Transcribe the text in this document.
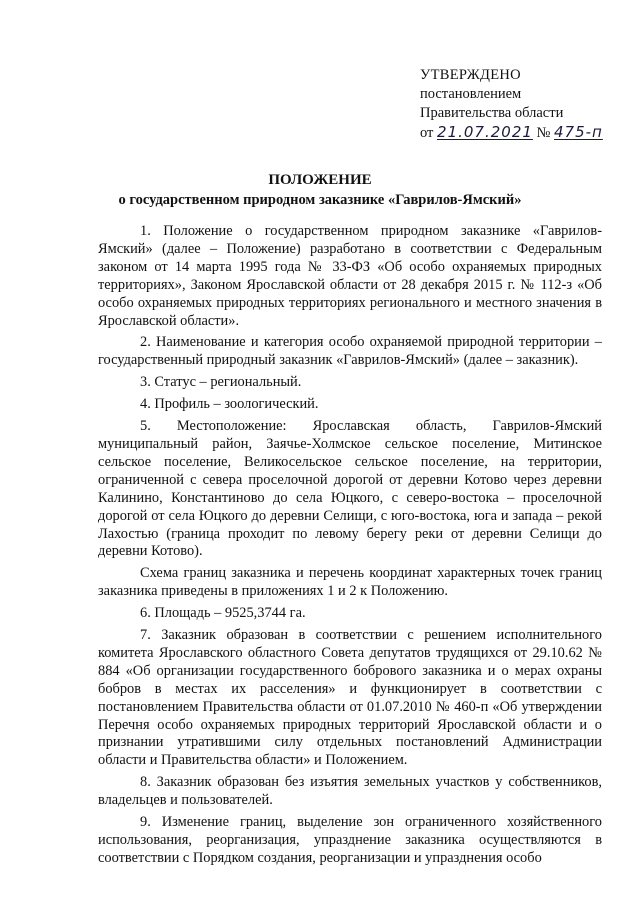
УТВЕРЖДЕНО
постановлением
Правительства области
от 21.07.2021 № 475-п
ПОЛОЖЕНИЕ
о государственном природном заказнике «Гаврилов-Ямский»

1. Положение о государственном природном заказнике «Гаврилов-Ямский» (далее – Положение) разработано в соответствии с Федеральным законом от 14 марта 1995 года № 33-ФЗ «Об особо охраняемых природных территориях», Законом Ярославской области от 28 декабря 2015 г. № 112-з «Об особо охраняемых природных территориях регионального и местного значения в Ярославской области».

2. Наименование и категория особо охраняемой природной территории – государственный природный заказник «Гаврилов-Ямский» (далее – заказник).

3. Статус – региональный.

4. Профиль – зоологический.

5. Местоположение: Ярославская область, Гаврилов-Ямский муниципальный район, Заячье-Холмское сельское поселение, Митинское сельское поселение, Великосельское сельское поселение, на территории, ограниченной с севера проселочной дорогой от деревни Котово через деревни Калинино, Константиново до села Юцкого, с северо-востока – проселочной дорогой от села Юцкого до деревни Селищи, с юго-востока, юга и запада – рекой Лахостью (граница проходит по левому берегу реки от деревни Селищи до деревни Котово).

Схема границ заказника и перечень координат характерных точек границ заказника приведены в приложениях 1 и 2 к Положению.

6. Площадь – 9525,3744 га.

7. Заказник образован в соответствии с решением исполнительного комитета Ярославского областного Совета депутатов трудящихся от 29.10.62 № 884 «Об организации государственного бобрового заказника и о мерах охраны бобров в местах их расселения» и функционирует в соответствии с постановлением Правительства области от 01.07.2010 № 460-п «Об утверждении Перечня особо охраняемых природных территорий Ярославской области и о признании утратившими силу отдельных постановлений Администрации области и Правительства области» и Положением.

8. Заказник образован без изъятия земельных участков у собственников, владельцев и пользователей.

9. Изменение границ, выделение зон ограниченного хозяйственного использования, реорганизация, упразднение заказника осуществляются в соответствии с Порядком создания, реорганизации и упразднения особо
